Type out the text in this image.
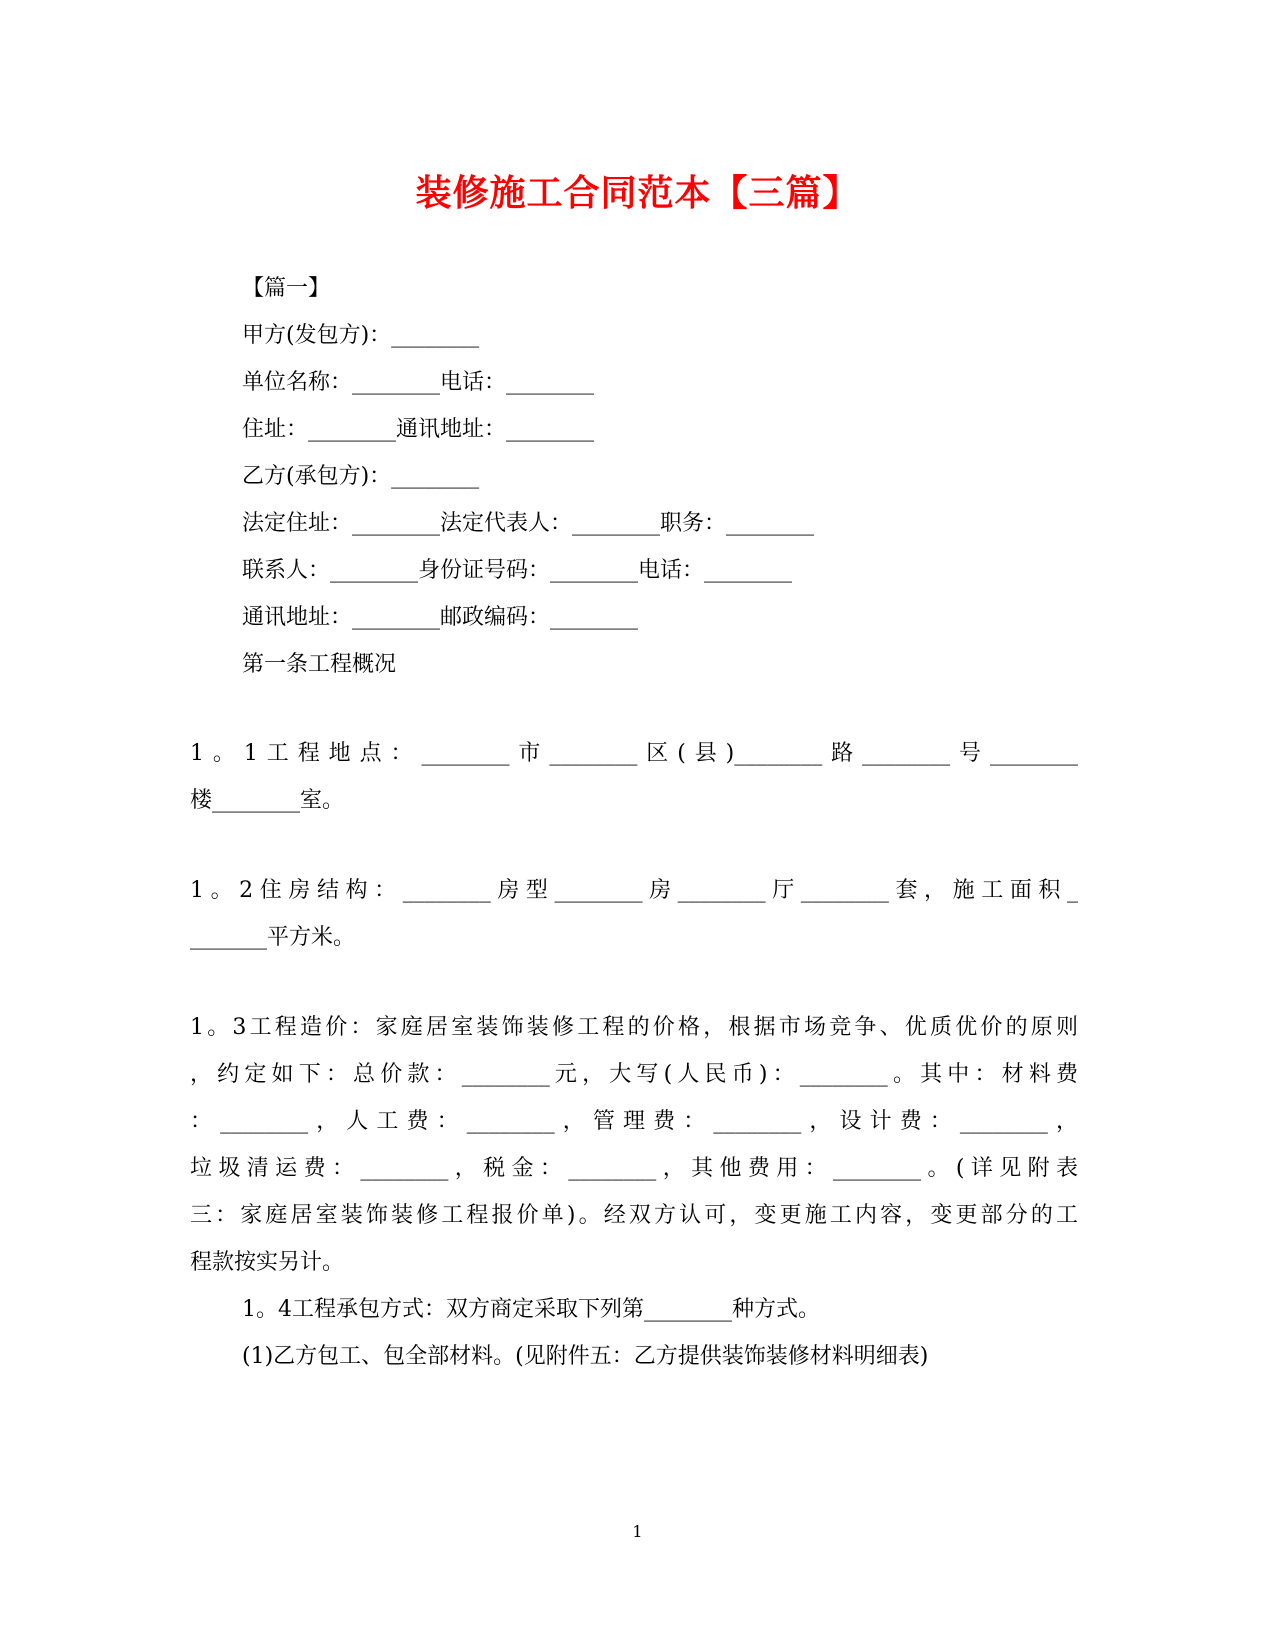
装修施工合同范本【三篇】
【篇一】
甲方(发包方)：________
单位名称：________电话：________
住址：________通讯地址：________
乙方(承包方)：________
法定住址：________法定代表人：________职务：________
联系人：________身份证号码：________电话：________
通讯地址：________邮政编码：________
第一条工程概况
1。1工程地点：________市________区(县)________路________号________
楼________室。
1。2住房结构：________房型________房________厅________套，施工面积_
_______平方米。
1。3工程造价：家庭居室装饰装修工程的价格，根据市场竞争、优质优价的原则
，约定如下：总价款：________元，大写(人民币)：________。其中：材料费
：________，人工费：________，管理费：________，设计费：________，
垃圾清运费：________，税金：________，其他费用：________。(详见附表
三：家庭居室装饰装修工程报价单)。经双方认可，变更施工内容，变更部分的工
程款按实另计。
1。4工程承包方式：双方商定采取下列第________种方式。
(1)乙方包工、包全部材料。(见附件五：乙方提供装饰装修材料明细表)
1
